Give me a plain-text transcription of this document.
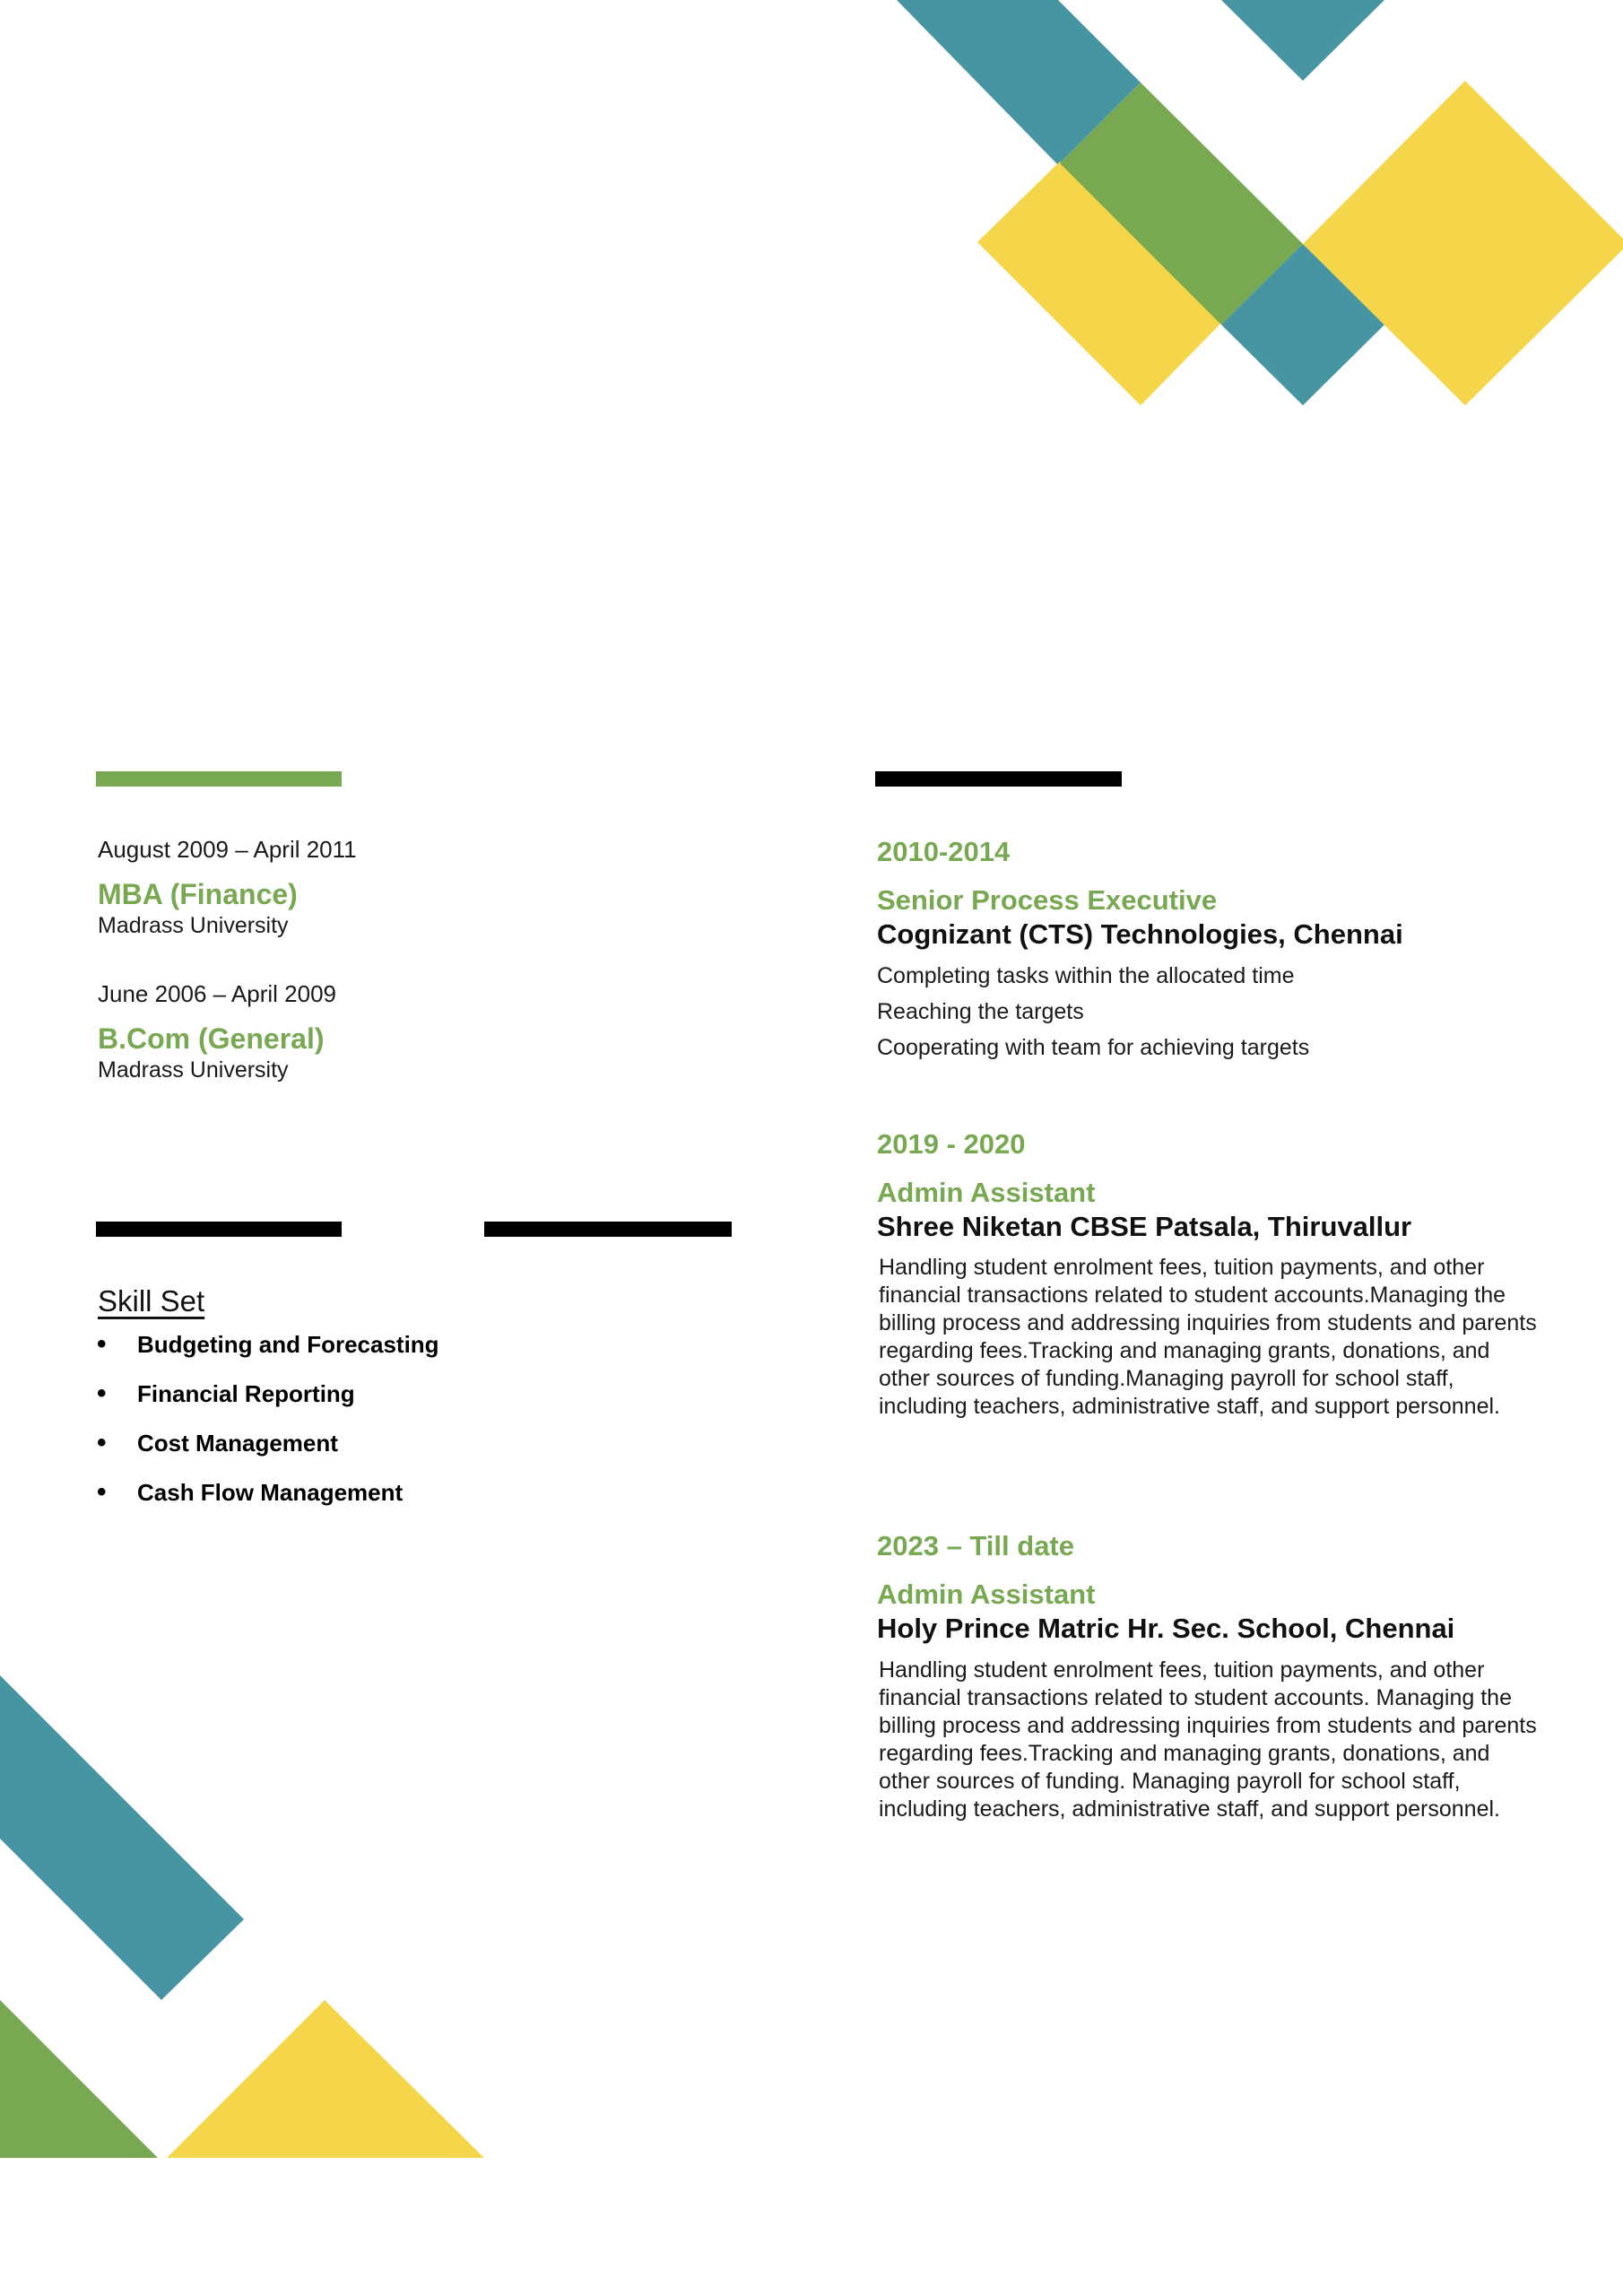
August 2009 – April 2011
MBA (Finance)
Madrass University
June 2006 – April 2009
B.Com (General)
Madrass University
Skill Set
• Budgeting and Forecasting
• Financial Reporting
• Cost Management
• Cash Flow Management
2010-2014
Senior Process Executive
Cognizant (CTS) Technologies, Chennai
Completing tasks within the allocated time
Reaching the targets
Cooperating with team for achieving targets
2019 - 2020
Admin Assistant
Shree Niketan CBSE Patsala, Thiruvallur
Handling student enrolment fees, tuition payments, and other financial transactions related to student accounts.Managing the billing process and addressing inquiries from students and parents regarding fees.Tracking and managing grants, donations, and other sources of funding.Managing payroll for school staff, including teachers, administrative staff, and support personnel.
2023 – Till date
Admin Assistant
Holy Prince Matric Hr. Sec. School, Chennai
Handling student enrolment fees, tuition payments, and other financial transactions related to student accounts. Managing the billing process and addressing inquiries from students and parents regarding fees.Tracking and managing grants, donations, and other sources of funding. Managing payroll for school staff, including teachers, administrative staff, and support personnel.
